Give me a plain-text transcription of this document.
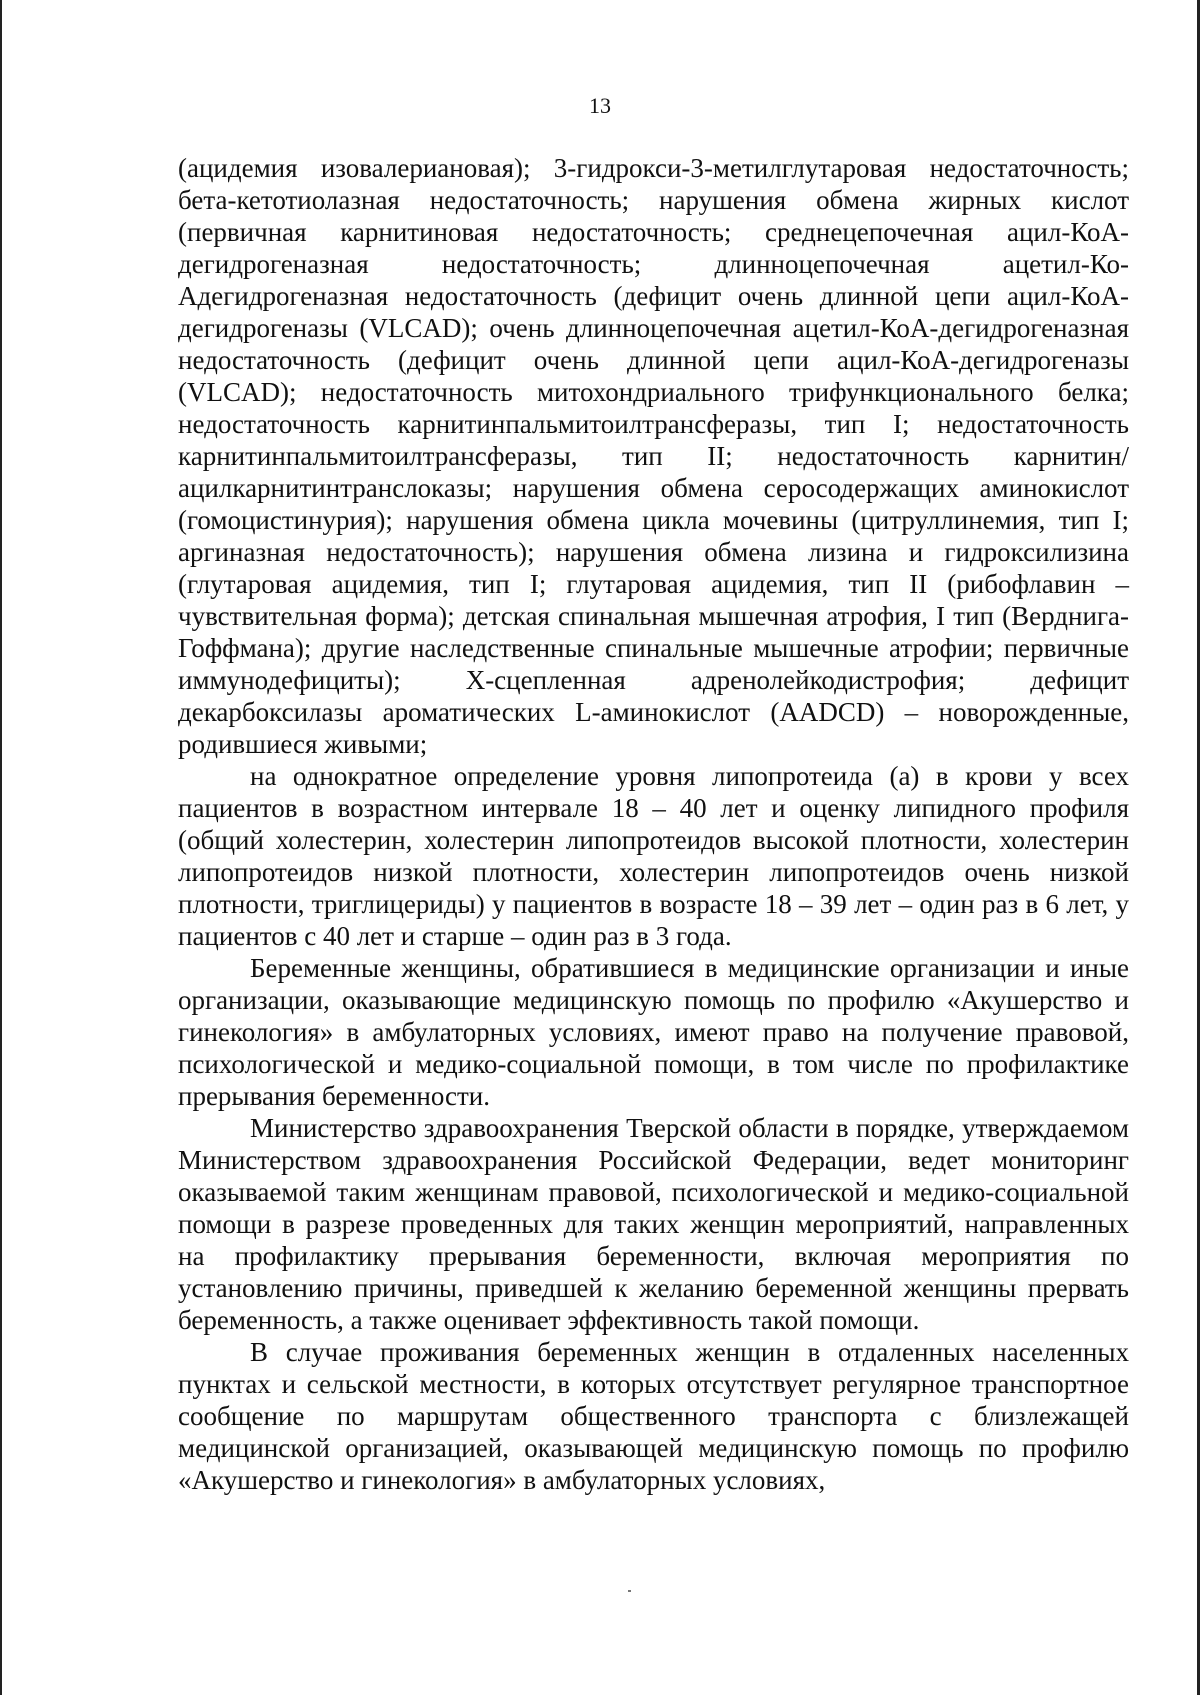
13

(ацидемия изовалериановая); 3-гидрокси-3-метилглутаровая недостаточность; бета-кетотиолазная недостаточность; нарушения обмена жирных кислот (первичная карнитиновая недостаточность; среднецепочечная ацил-КоА-дегидрогеназная недостаточность; длинноцепочечная ацетил-Ко-Адегидрогеназная недостаточность (дефицит очень длинной цепи ацил-КоА-дегидрогеназы (VLCAD); очень длинноцепочечная ацетил-КоА-дегидрогеназная недостаточность (дефицит очень длинной цепи ацил-КоА-дегидрогеназы (VLCAD); недостаточность митохондриального трифункционального белка; недостаточность карнитинпальмитоилтрансферазы, тип I; недостаточность карнитинпальмитоилтрансферазы, тип II; недостаточность карнитин/ацилкарнитинтранслоказы; нарушения обмена серосодержащих аминокислот (гомоцистинурия); нарушения обмена цикла мочевины (цитруллинемия, тип I; аргиназная недостаточность); нарушения обмена лизина и гидроксилизина (глутаровая ацидемия, тип I; глутаровая ацидемия, тип II (рибофлавин – чувствительная форма); детская спинальная мышечная атрофия, I тип (Верднига-Гоффмана); другие наследственные спинальные мышечные атрофии; первичные иммунодефициты); Х-сцепленная адренолейкодистрофия; дефицит декарбоксилазы ароматических L-аминокислот (AADCD) – новорожденные, родившиеся живыми;

на однократное определение уровня липопротеида (а) в крови у всех пациентов в возрастном интервале 18 – 40 лет и оценку липидного профиля (общий холестерин, холестерин липопротеидов высокой плотности, холестерин липопротеидов низкой плотности, холестерин липопротеидов очень низкой плотности, триглицериды) у пациентов в возрасте 18 – 39 лет – один раз в 6 лет, у пациентов с 40 лет и старше – один раз в 3 года.

Беременные женщины, обратившиеся в медицинские организации и иные организации, оказывающие медицинскую помощь по профилю «Акушерство и гинекология» в амбулаторных условиях, имеют право на получение правовой, психологической и медико-социальной помощи, в том числе по профилактике прерывания беременности.

Министерство здравоохранения Тверской области в порядке, утверждаемом Министерством здравоохранения Российской Федерации, ведет мониторинг оказываемой таким женщинам правовой, психологической и медико-социальной помощи в разрезе проведенных для таких женщин мероприятий, направленных на профилактику прерывания беременности, включая мероприятия по установлению причины, приведшей к желанию беременной женщины прервать беременность, а также оценивает эффективность такой помощи.

В случае проживания беременных женщин в отдаленных населенных пунктах и сельской местности, в которых отсутствует регулярное транспортное сообщение по маршрутам общественного транспорта с близлежащей медицинской организацией, оказывающей медицинскую помощь по профилю «Акушерство и гинекология» в амбулаторных условиях,
